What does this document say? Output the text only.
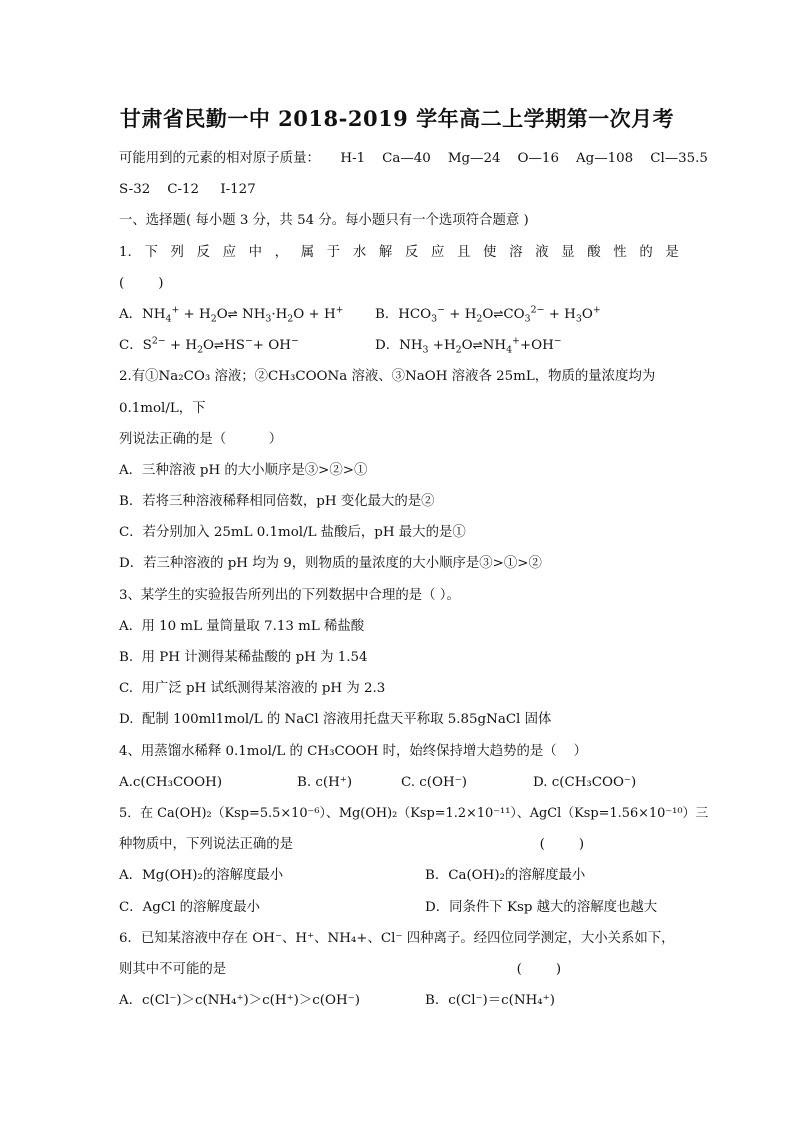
甘肃省民勤一中 2018-2019 学年高二上学期第一次月考
可能用到的元素的相对原子质量： H-1    Ca—40    Mg—24    O—16    Ag—108    Cl—35.5
S-32    C-12     I-127
一、选择题( 每小题 3 分，共 54 分。每小题只有一个选项符合题意 )
1. 下 列 反 应 中 ， 属 于 水 解 反 应 且 使 溶 液 显 酸 性 的 是
(        )
A．$NH_4^+$ + $H_2O\rightleftharpoons$ $NH_3\cdot H_2O + H^+$	B．$HCO_3^-$ + $H_2O\rightleftharpoons CO_3^{2-} + H_3O^+$
C．$S^{2-}$ + $H_2O\rightleftharpoons HS^-+ OH^-$	D．$NH_3$ $+H_2O\rightleftharpoons NH_4^++OH^-$
2.有①Na₂CO₃ 溶液；②CH₃COONa 溶液、③NaOH 溶液各 25mL，物质的量浓度均为
0.1mol/L，下
列说法正确的是（          ）
A．三种溶液 pH 的大小顺序是③>②>①
B．若将三种溶液稀释相同倍数，pH 变化最大的是②
C．若分别加入 25mL 0.1mol/L 盐酸后，pH 最大的是①
D．若三种溶液的 pH 均为 9，则物质的量浓度的大小顺序是③>①>②
3、某学生的实验报告所列出的下列数据中合理的是（ ）。
A.  用 10 mL 量筒量取 7.13 mL 稀盐酸
B.  用 PH 计测得某稀盐酸的 pH 为 1.54
C.  用广泛 pH 试纸测得某溶液的 pH 为 2.3
D.  配制 100ml1mol/L 的 NaCl 溶液用托盘天平称取 5.85gNaCl 固体
4、用蒸馏水稀释 0.1mol/L 的 CH₃COOH 时，始终保持增大趋势的是（    ）
A.c(CH₃COOH)	B. c(H⁺)	C. c(OH⁻)	D. c(CH₃COO⁻)
5．在 Ca(OH)₂（Ksp=5.5×10⁻⁶）、Mg(OH)₂（Ksp=1.2×10⁻¹¹）、AgCl（Ksp=1.56×10⁻¹⁰）三
种物质中，下列说法正确的是	(        )
A．Mg(OH)₂的溶解度最小	B．Ca(OH)₂的溶解度最小
C．AgCl 的溶解度最小	D．同条件下 Ksp 越大的溶解度也越大
6．已知某溶液中存在 OH⁻、H⁺、NH₄+、Cl⁻ 四种离子。经四位同学测定，大小关系如下，
则其中不可能的是	(        )
A．c(Cl⁻)＞c(NH₄⁺)＞c(H⁺)＞c(OH⁻)	B．c(Cl⁻)＝c(NH₄⁺)
